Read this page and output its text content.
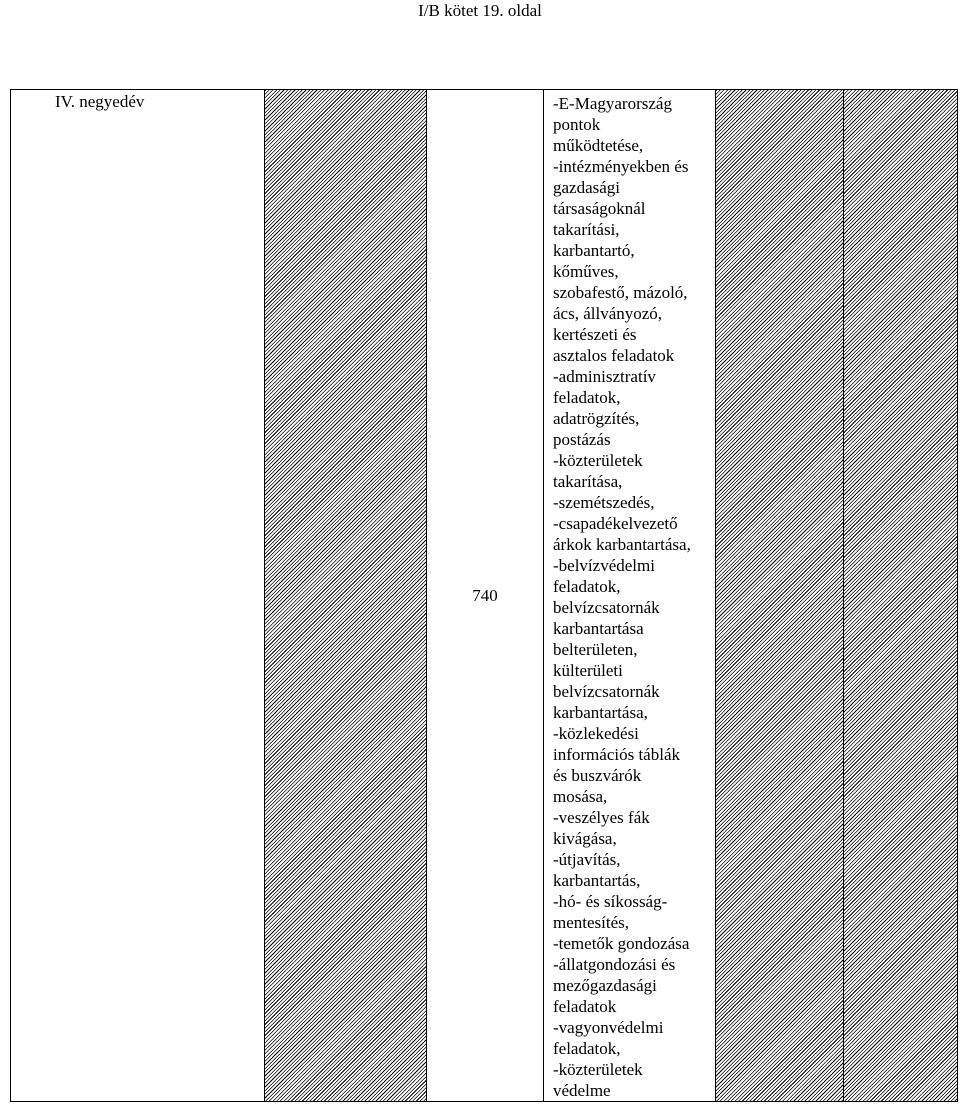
I/B kötet 19. oldal
IV. negyedév
740
-E-Magyarország
pontok
működtetése,
-intézményekben és
gazdasági
társaságoknál
takarítási,
karbantartó,
kőműves,
szobafestő, mázoló,
ács, állványozó,
kertészeti és
asztalos feladatok
-adminisztratív
feladatok,
adatrögzítés,
postázás
-közterületek
takarítása,
-szemétszedés,
-csapadékelvezető
árkok karbantartása,
-belvízvédelmi
feladatok,
belvízcsatornák
karbantartása
belterületen,
külterületi
belvízcsatornák
karbantartása,
-közlekedési
információs táblák
és buszvárók
mosása,
-veszélyes fák
kivágása,
-útjavítás,
karbantartás,
-hó- és síkosság-
mentesítés,
-temetők gondozása
-állatgondozási és
mezőgazdasági
feladatok
-vagyonvédelmi
feladatok,
-közterületek
védelme
